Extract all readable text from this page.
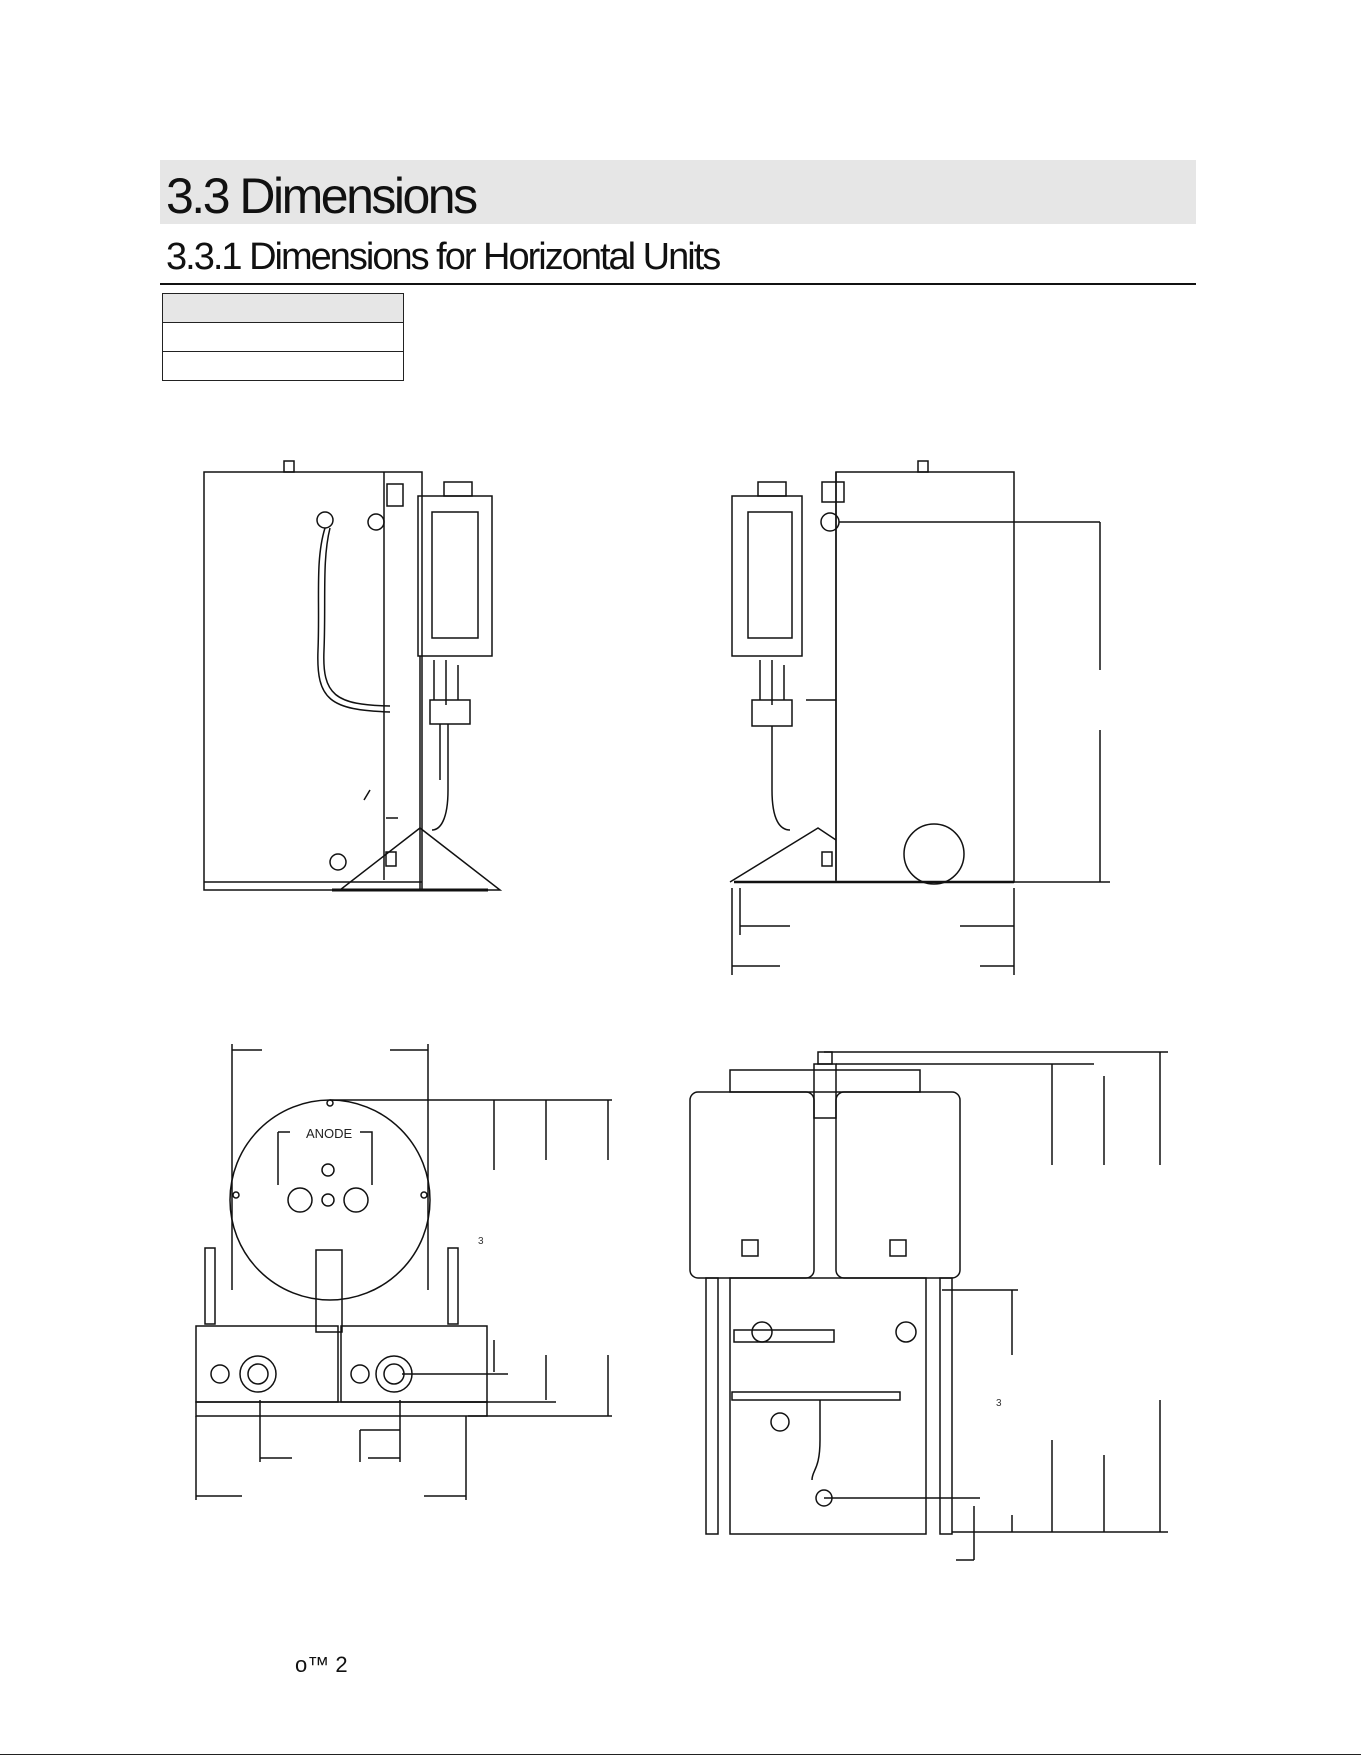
3.3 Dimensions
3.3.1 Dimensions for Horizontal Units

3
3
ANODE
o™ 2
